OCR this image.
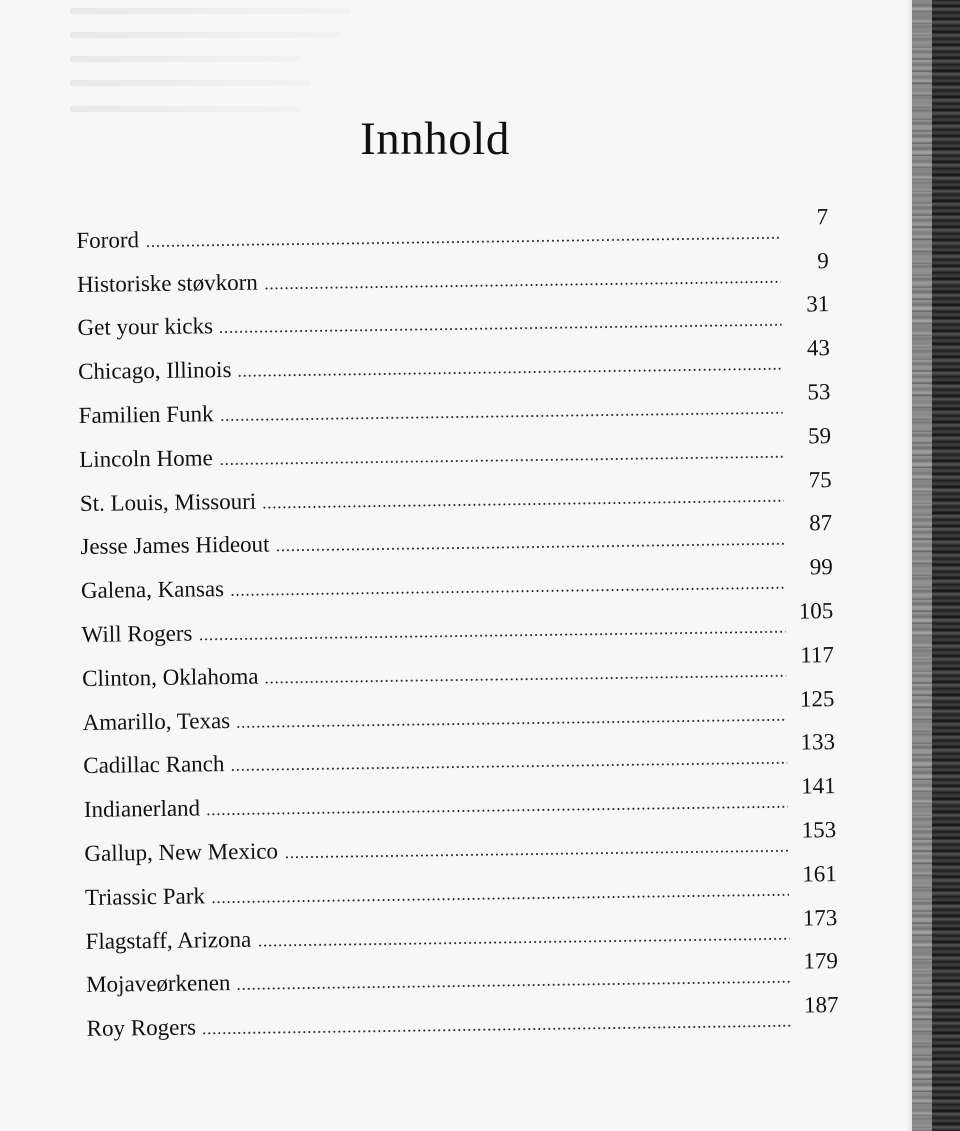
Innhold
Forord
7
Historiske støvkorn
9
Get your kicks
31
Chicago, Illinois
43
Familien Funk
53
Lincoln Home
59
St. Louis, Missouri
75
Jesse James Hideout
87
Galena, Kansas
99
Will Rogers
105
Clinton, Oklahoma
117
Amarillo, Texas
125
Cadillac Ranch
133
Indianerland
141
Gallup, New Mexico
153
Triassic Park
161
Flagstaff, Arizona
173
Mojaveørkenen
179
Roy Rogers
187
